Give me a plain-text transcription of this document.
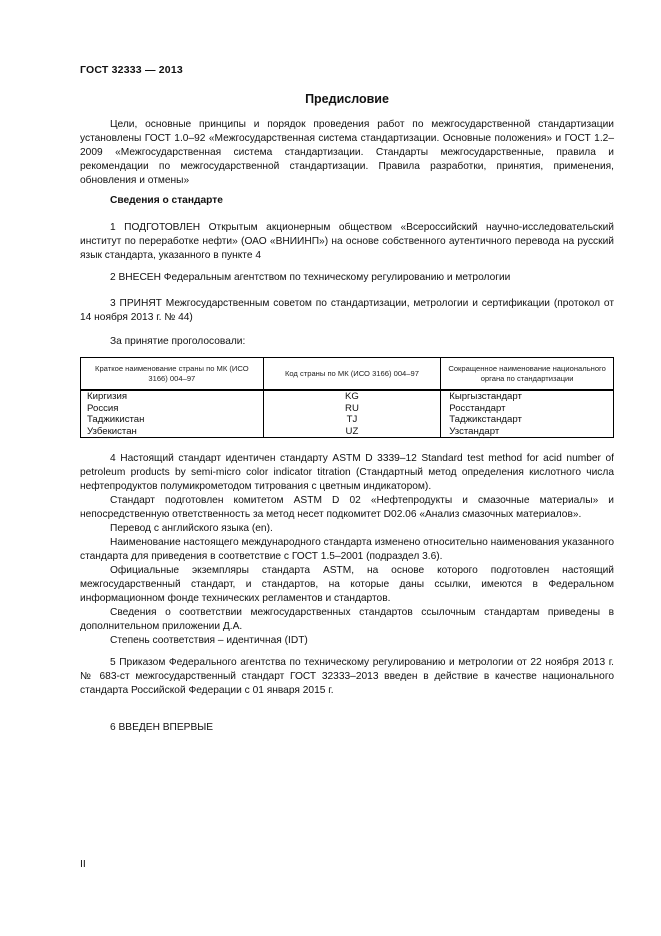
ГОСТ 32333 — 2013
Предисловие

Цели, основные принципы и порядок проведения работ по межгосударственной стандартизации установлены ГОСТ 1.0–92 «Межгосударственная система стандартизации. Основные положения» и ГОСТ 1.2–2009 «Межгосударственная система стандартизации. Стандарты межгосударственные, правила и рекомендации по межгосударственной стандартизации. Правила разработки, принятия, применения, обновления и отмены»

Сведения о стандарте

1 ПОДГОТОВЛЕН Открытым акционерным обществом «Всероссийский научно-исследовательский институт по переработке нефти» (ОАО «ВНИИНП») на основе собственного аутентичного перевода на русский язык стандарта, указанного в пункте 4

2 ВНЕСЕН Федеральным агентством по техническому регулированию и метрологии

3 ПРИНЯТ Межгосударственным советом по стандартизации, метрологии и сертификации (протокол от 14 ноября 2013 г. № 44)

За принятие проголосовали:
Краткое наименование страны по МК (ИСО 3166) 004–97	Код страны по МК (ИСО 3166) 004–97	Сокращенное наименование национального органа по стандартизации
Киргизия	KG	Кыргызстандарт
Россия	RU	Росстандарт
Таджикистан	TJ	Таджикстандарт
Узбекистан	UZ	Узстандарт

4 Настоящий стандарт идентичен стандарту ASTM D 3339–12 Standard test method for acid number of petroleum products by semi-micro color indicator titration (Стандартный метод определения кислотного числа нефтепродуктов полумикрометодом титрования с цветным индикатором).

Стандарт подготовлен комитетом ASTM D 02 «Нефтепродукты и смазочные материалы» и непосредственную ответственность за метод несет подкомитет D02.06 «Анализ смазочных материалов».

Перевод с английского языка (en).

Наименование настоящего международного стандарта изменено относительно наименования указанного стандарта для приведения в соответствие с ГОСТ 1.5–2001 (подраздел 3.6).

Официальные экземпляры стандарта ASTM, на основе которого подготовлен настоящий межгосударственный стандарт, и стандартов, на которые даны ссылки, имеются в Федеральном информационном фонде технических регламентов и стандартов.

Сведения о соответствии межгосударственных стандартов ссылочным стандартам приведены в дополнительном приложении Д.А.

Степень соответствия – идентичная (IDT)

5 Приказом Федерального агентства по техническому регулированию и метрологии от 22 ноября 2013 г. № 683-ст межгосударственный стандарт ГОСТ 32333–2013 введен в действие в качестве национального стандарта Российской Федерации с 01 января 2015 г.

6 ВВЕДЕН ВПЕРВЫЕ

II
